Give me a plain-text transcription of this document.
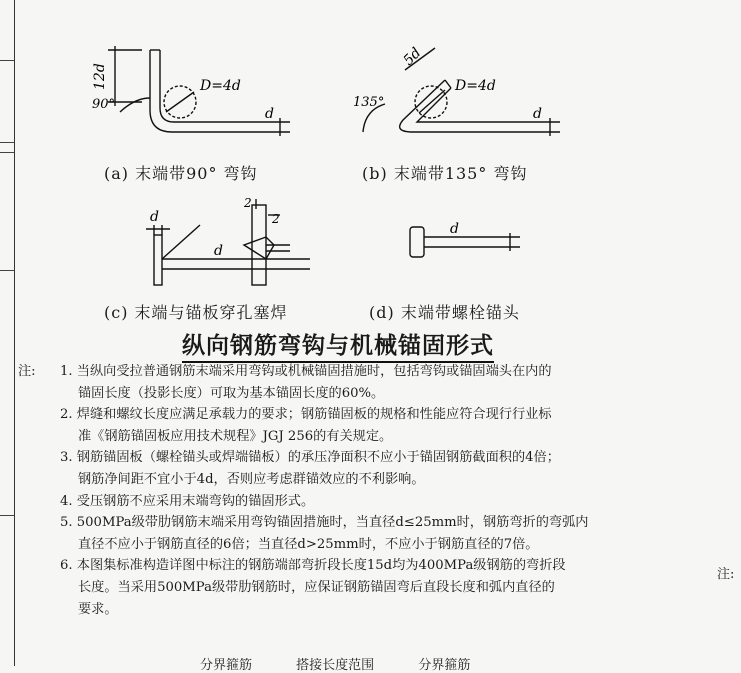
12d
90°
D=4d
d
(a) 末端带90° 弯钩
5d
135°
D=4d
d
(b) 末端带135° 弯钩
d
d
2
2
(c) 末端与锚板穿孔塞焊
d
(d) 末端带螺栓锚头
纵向钢筋弯钩与机械锚固形式
注: 1. 当纵向受拉普通钢筋末端采用弯钩或机械锚固措施时，包括弯钩或锚固端头在内的
锚固长度（投影长度）可取为基本锚固长度的60%。
2. 焊缝和螺纹长度应满足承载力的要求；钢筋锚固板的规格和性能应符合现行行业标
准《钢筋锚固板应用技术规程》JGJ 256的有关规定。
3. 钢筋锚固板（螺栓锚头或焊端锚板）的承压净面积不应小于锚固钢筋截面积的4倍；
钢筋净间距不宜小于4d，否则应考虑群锚效应的不利影响。
4. 受压钢筋不应采用末端弯钩的锚固形式。
5. 500MPa级带肋钢筋末端采用弯钩锚固措施时，当直径d≤25mm时，钢筋弯折的弯弧内
直径不应小于钢筋直径的6倍；当直径d>25mm时，不应小于钢筋直径的7倍。
6. 本图集标准构造详图中标注的钢筋端部弯折段长度15d均为400MPa级钢筋的弯折段
长度。当采用500MPa级带肋钢筋时，应保证钢筋锚固弯后直段长度和弧内直径的
要求。
注:
分界箍筋	搭接长度范围	分界箍筋
